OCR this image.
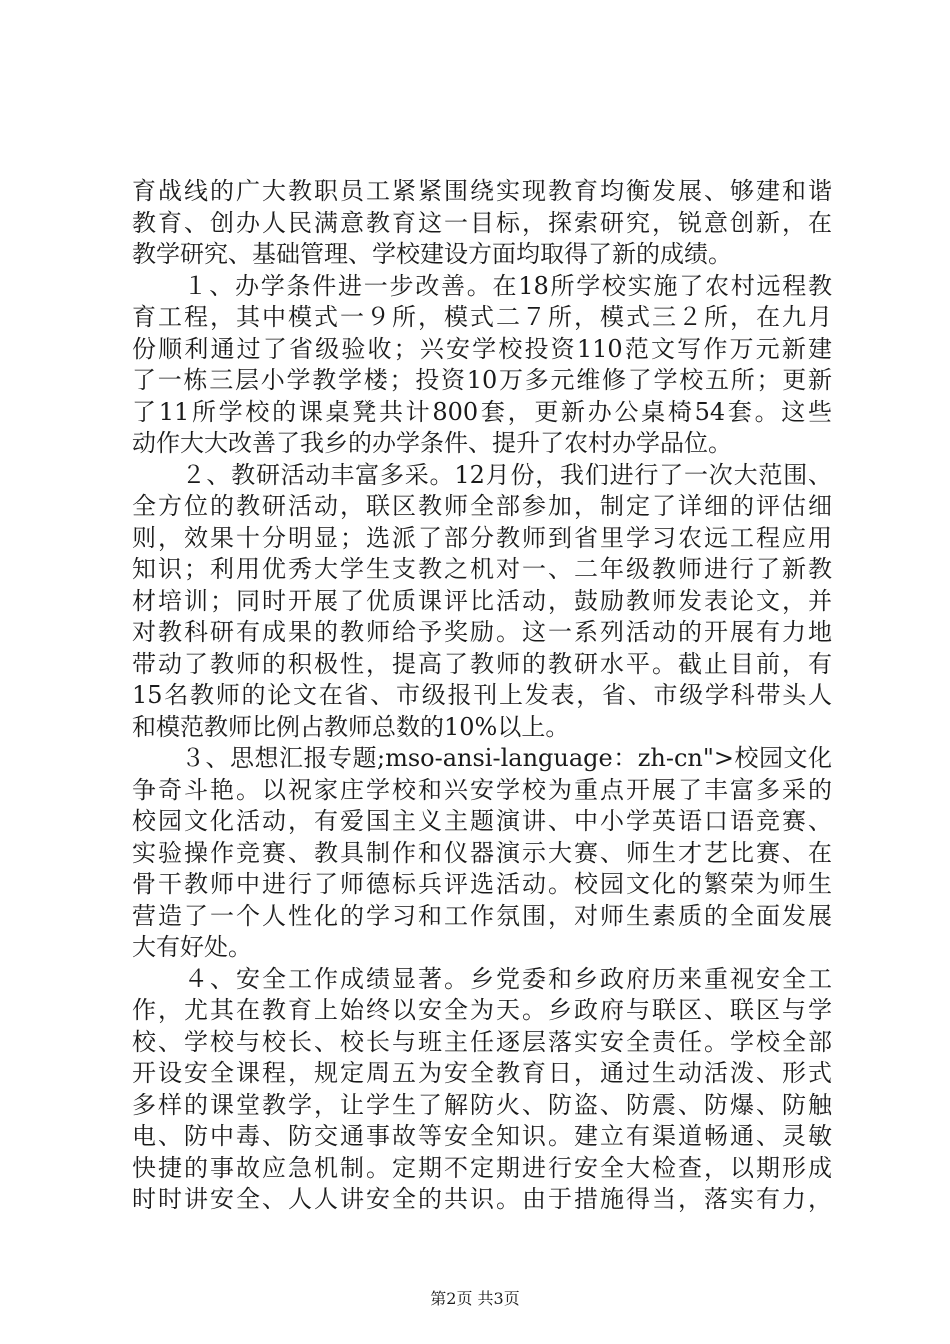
育战线的广大教职员工紧紧围绕实现教育均衡发展、够建和谐
教育、创办人民满意教育这一目标，探索研究，锐意创新，在
教学研究、基础管理、学校建设方面均取得了新的成绩。
　　１、办学条件进一步改善。在18所学校实施了农村远程教
育工程，其中模式一９所，模式二７所，模式三２所，在九月
份顺利通过了省级验收；兴安学校投资110范文写作万元新建
了一栋三层小学教学楼；投资10万多元维修了学校五所；更新
了11所学校的课桌凳共计800套，更新办公桌椅54套。这些
动作大大改善了我乡的办学条件、提升了农村办学品位。
　　２、教研活动丰富多采。12月份，我们进行了一次大范围、
全方位的教研活动，联区教师全部参加，制定了详细的评估细
则，效果十分明显；选派了部分教师到省里学习农远工程应用
知识；利用优秀大学生支教之机对一、二年级教师进行了新教
材培训；同时开展了优质课评比活动，鼓励教师发表论文，并
对教科研有成果的教师给予奖励。这一系列活动的开展有力地
带动了教师的积极性，提高了教师的教研水平。截止目前，有
15名教师的论文在省、市级报刊上发表，省、市级学科带头人
和模范教师比例占教师总数的10%以上。
　　３、思想汇报专题;mso-ansi-language：zh-cn">校园文化
争奇斗艳。以祝家庄学校和兴安学校为重点开展了丰富多采的
校园文化活动，有爱国主义主题演讲、中小学英语口语竞赛、
实验操作竞赛、教具制作和仪器演示大赛、师生才艺比赛、在
骨干教师中进行了师德标兵评选活动。校园文化的繁荣为师生
营造了一个人性化的学习和工作氛围，对师生素质的全面发展
大有好处。
　　４、安全工作成绩显著。乡党委和乡政府历来重视安全工
作，尤其在教育上始终以安全为天。乡政府与联区、联区与学
校、学校与校长、校长与班主任逐层落实安全责任。学校全部
开设安全课程，规定周五为安全教育日，通过生动活泼、形式
多样的课堂教学，让学生了解防火、防盗、防震、防爆、防触
电、防中毒、防交通事故等安全知识。建立有渠道畅通、灵敏
快捷的事故应急机制。定期不定期进行安全大检查，以期形成
时时讲安全、人人讲安全的共识。由于措施得当，落实有力，
第2页 共3页
